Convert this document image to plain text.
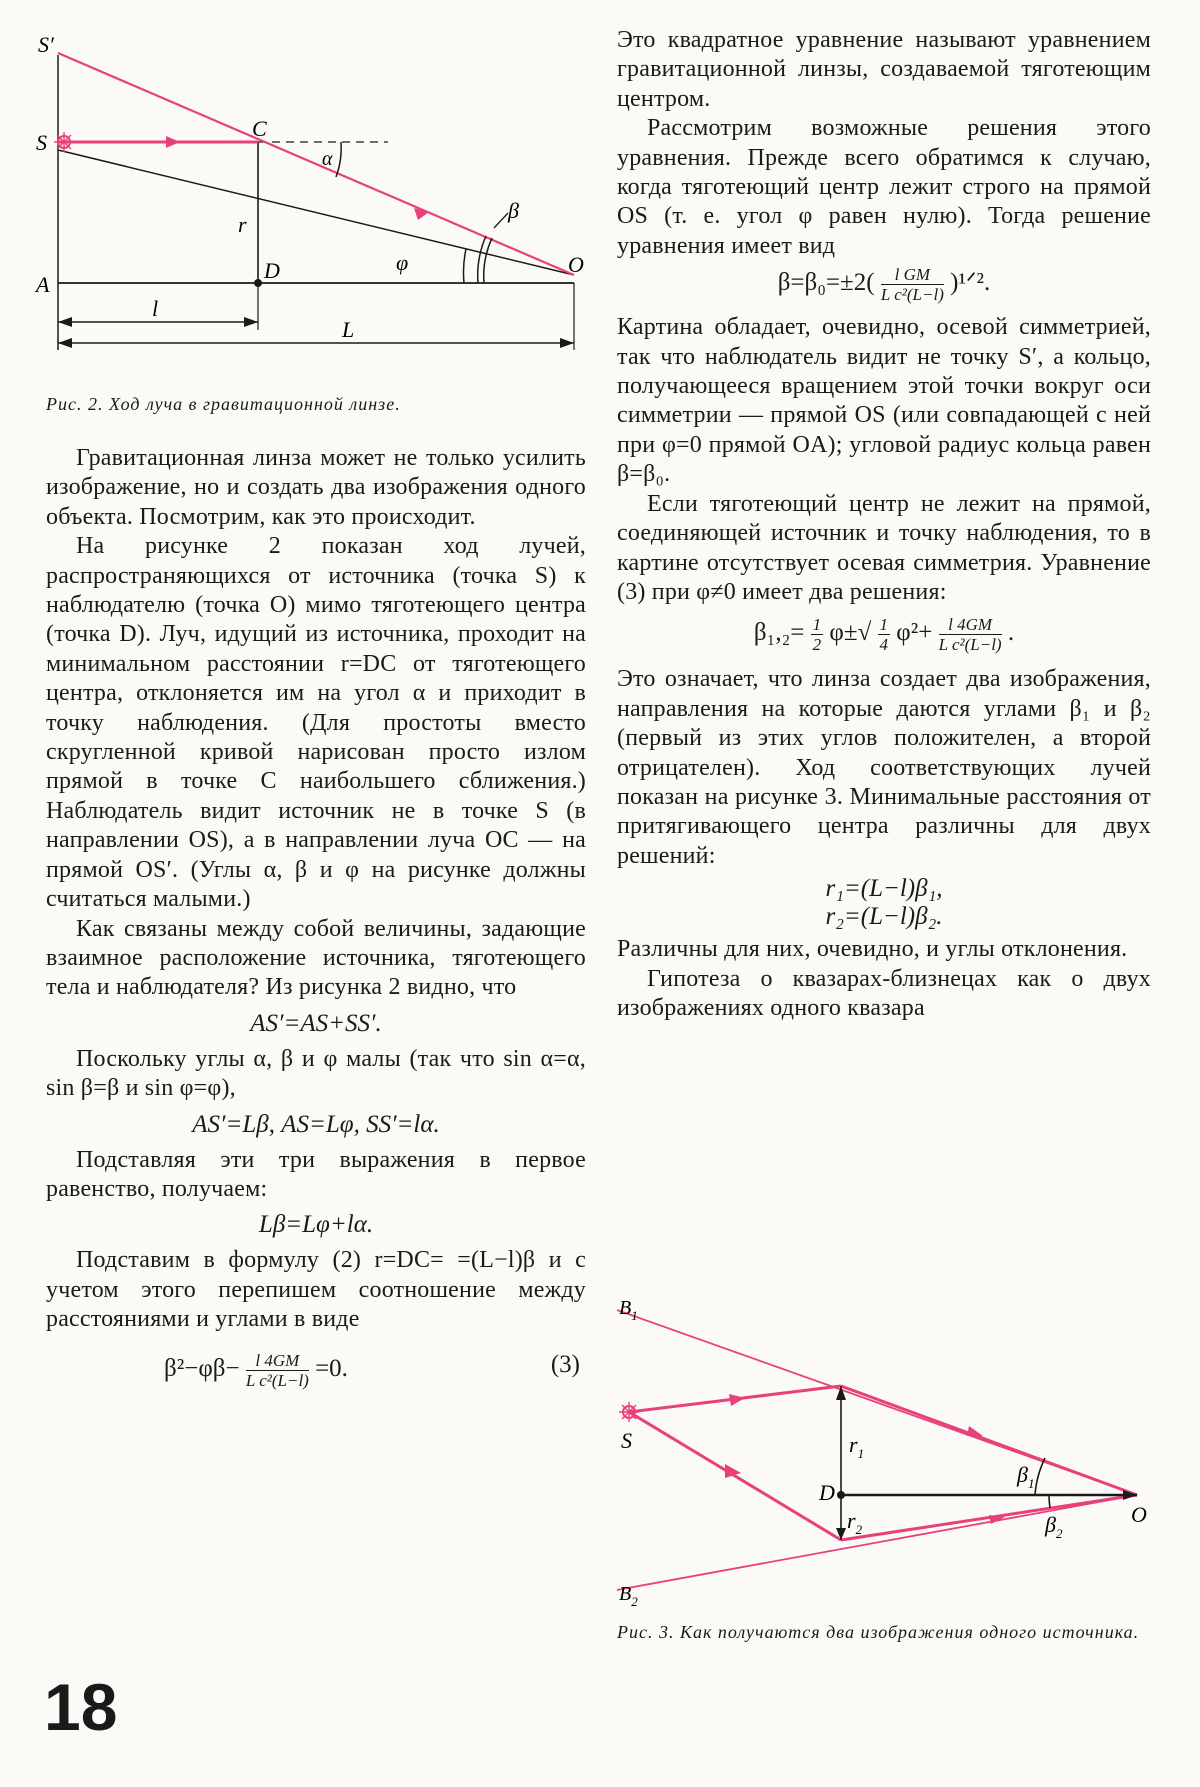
S′
S
C
α
β
r
φ
A
D	O
l
L
Рис. 2. Ход луча в гравитационной линзе.

Гравитационная линза может не только усилить изображение, но и создать два изображения одного объекта. Посмотрим, как это происходит.

На рисунке 2 показан ход лучей, распространяющихся от источника (точка S) к наблюдателю (точка O) мимо тяготеющего центра (точка D). Луч, идущий из источника, проходит на минимальном расстоянии r=DC от тяготеющего центра, отклоняется им на угол α и приходит в точку наблюдения. (Для простоты вместо скругленной кривой нарисован просто излом прямой в точке C наибольшего сближения.) Наблюдатель видит источник не в точке S (в направлении OS), а в направлении луча OC — на прямой OS′. (Углы α, β и φ на рисунке должны считаться малыми.)

Как связаны между собой величины, задающие взаимное расположение источника, тяготеющего тела и наблюдателя? Из рисунка 2 видно, что

AS′=AS+SS′.

Поскольку углы α, β и φ малы (так что sin α=α, sin β=β и sin φ=φ),

AS′=Lβ, AS=Lφ, SS′=lα.

Подставляя эти три выражения в первое равенство, получаем:

Lβ=Lφ+lα.

Подставим в формулу (2) r=DC= =(L−l)β и с учетом этого перепишем соотношение между расстояниями и углами в виде

$\beta^2-\varphi\beta- \frac{l 4GM}{\text{L c²(L−l)}} =0$.	(3)
18

Это квадратное уравнение называют уравнением гравитационной линзы, создаваемой тяготеющим центром.

Рассмотрим возможные решения этого уравнения. Прежде всего обратимся к случаю, когда тяготеющий центр лежит строго на прямой OS (т. е. угол φ равен нулю). Тогда решение уравнения имеет вид

$\beta=\beta_0=\pm 2( \frac{\text{l GM}}{\text{L c²(L−l)}}$ )¹ᐟ².

Картина обладает, очевидно, осевой симметрией, так что наблюдатель видит не точку S′, а кольцо, получающееся вращением этой точки вокруг оси симметрии — прямой OS (или совпадающей с ней при φ=0 прямой OA); угловой радиус кольца равен β=β₀.

Если тяготеющий центр не лежит на прямой, соединяющей источник и точку наблюдения, то в картине отсутствует осевая симметрия. Уравнение (3) при φ≠0 имеет два решения:

$\beta_1,_2= \frac{1}{2} \varphi\pm√ \frac{1}{4} \varphi^2+ \frac{l 4GM}{\text{L c²(L−l)}}$ .

Это означает, что линза создает два изображения, направления на которые даются углами β₁ и β₂ (первый из этих углов положителен, а второй отрицателен). Ход соответствующих лучей показан на рисунке 3. Минимальные расстояния от притягивающего центра различны для двух решений:

r₁=(L−l)β₁,
r₂=(L−l)β₂.

Различны для них, очевидно, и углы отклонения.

Гипотеза о квазарах-близнецах как о двух изображениях одного квазара

$B_1$
$B_2$
S
D
O
$r_1$
$r_2$
$\beta_1$
$\beta_2$
Рис. 3. Как получаются два изображения одного источника.
